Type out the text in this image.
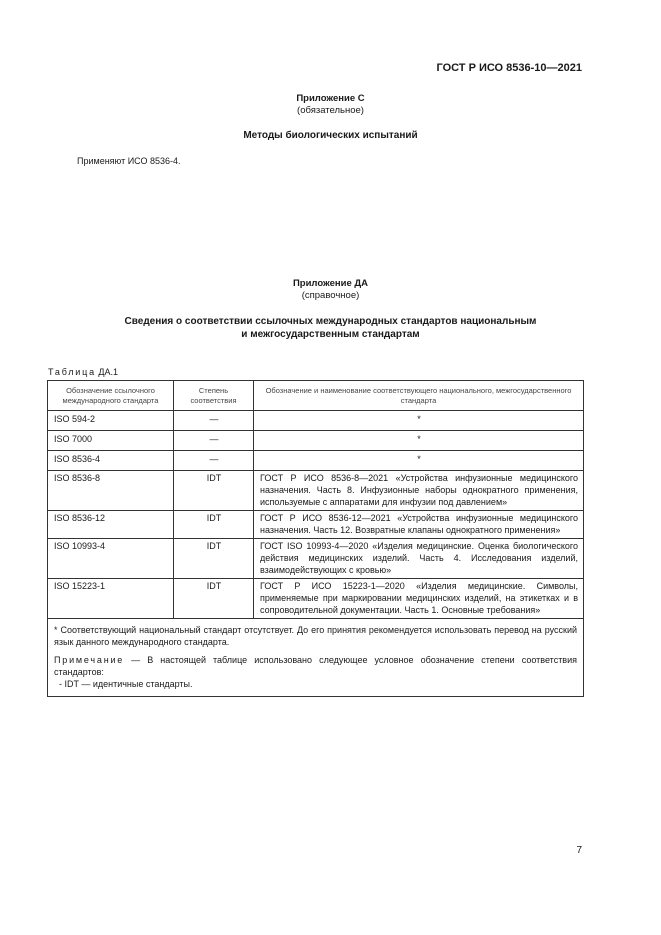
ГОСТ Р ИСО 8536-10—2021
Приложение С
(обязательное)
Методы биологических испытаний
Применяют ИСО 8536-4.
Приложение ДА
(справочное)
Сведения о соответствии ссылочных международных стандартов национальным
и межгосударственным стандартам
Таблица ДА.1
Обозначение ссылочного международного стандарта	Степень соответствия	Обозначение и наименование соответствующего национального, межгосударственного стандарта
ISO 594-2	—	*
ISO 7000	—	*
ISO 8536-4	—	*
ISO 8536-8	IDT	ГОСТ Р ИСО 8536-8—2021 «Устройства инфузионные медицинского назначения. Часть 8. Инфузионные наборы однократного применения, используемые с аппаратами для инфузии под давлением»
ISO 8536-12	IDT	ГОСТ Р ИСО 8536-12—2021 «Устройства инфузионные медицинского назначения. Часть 12. Возвратные клапаны однократного применения»
ISO 10993-4	IDT	ГОСТ ISO 10993-4—2020 «Изделия медицинские. Оценка биологического действия медицинских изделий. Часть 4. Исследования изделий, взаимодействующих с кровью»
ISO 15223-1	IDT	ГОСТ Р ИСО 15223-1—2020 «Изделия медицинские. Символы, применяемые при маркировании медицинских изделий, на этикетках и в сопроводительной документации. Часть 1. Основные требования»

* Соответствующий национальный стандарт отсутствует. До его принятия рекомендуется использовать перевод на русский язык данного международного стандарта.

Примечание — В настоящей таблице использовано следующее условное обозначение степени соответствия стандартов:

- IDT — идентичные стандарты.		

7
